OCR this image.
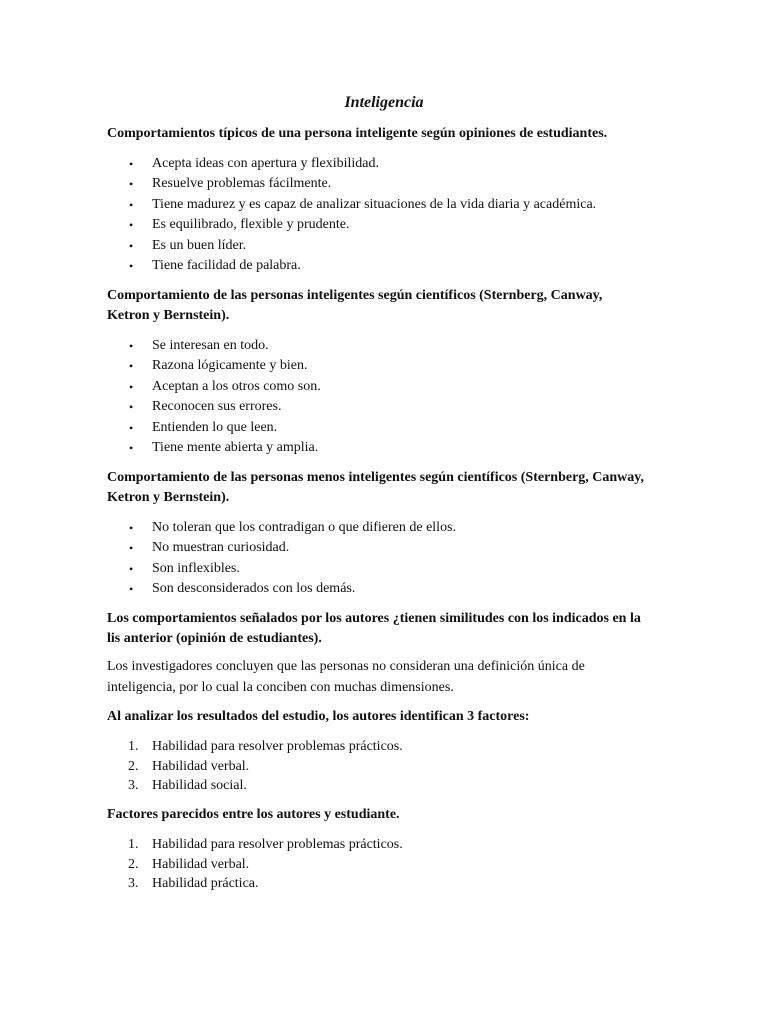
Inteligencia
Comportamientos típicos de una persona inteligente según opiniones de estudiantes.
• Acepta ideas con apertura y flexibilidad.
• Resuelve problemas fácilmente.
• Tiene madurez y es capaz de analizar situaciones de la vida diaria y académica.
• Es equilibrado, flexible y prudente.
• Es un buen líder.
• Tiene facilidad de palabra.
Comportamiento de las personas inteligentes según científicos (Sternberg, Canway, Ketron y Bernstein).
• Se interesan en todo.
• Razona lógicamente y bien.
• Aceptan a los otros como son.
• Reconocen sus errores.
• Entienden lo que leen.
• Tiene mente abierta y amplia.
Comportamiento de las personas menos inteligentes según científicos (Sternberg, Canway, Ketron y Bernstein).
• No toleran que los contradigan o que difieren de ellos.
• No muestran curiosidad.
• Son inflexibles.
• Son desconsiderados con los demás.
Los comportamientos señalados por los autores ¿tienen similitudes con los indicados en la lis anterior (opinión de estudiantes).
Los investigadores concluyen que las personas no consideran una definición única de inteligencia, por lo cual la conciben con muchas dimensiones.
Al analizar los resultados del estudio, los autores identifican 3 factores:
1. Habilidad para resolver problemas prácticos.
2. Habilidad verbal.
3. Habilidad social.
Factores parecidos entre los autores y estudiante.
1. Habilidad para resolver problemas prácticos.
2. Habilidad verbal.
3. Habilidad práctica.
